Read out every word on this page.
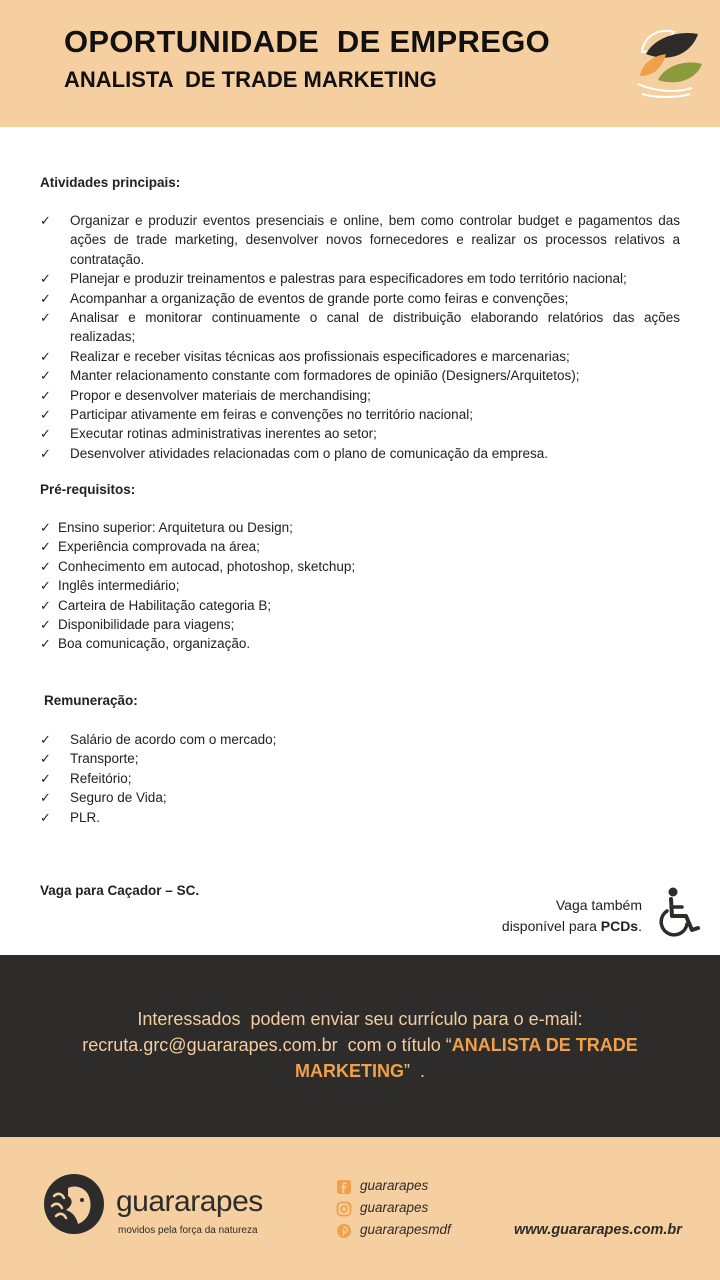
OPORTUNIDADE  DE EMPREGO
ANALISTA  DE TRADE MARKETING
Atividades principais:
✓ Organizar e produzir eventos presenciais e online, bem como controlar budget e pagamentos das ações de trade marketing, desenvolver novos fornecedores e realizar os processos relativos a contratação.
✓ Planejar e produzir treinamentos e palestras para especificadores em todo território nacional;
✓ Acompanhar a organização de eventos de grande porte como feiras e convenções;
✓ Analisar e monitorar continuamente o canal de distribuição elaborando relatórios das ações realizadas;
✓ Realizar e receber visitas técnicas aos profissionais especificadores e marcenarias;
✓ Manter relacionamento constante com formadores de opinião (Designers/Arquitetos);
✓ Propor e desenvolver materiais de merchandising;
✓ Participar ativamente em feiras e convenções no território nacional;
✓ Executar rotinas administrativas inerentes ao setor;
✓ Desenvolver atividades relacionadas com o plano de comunicação da empresa.
Pré-requisitos:
✓ Ensino superior: Arquitetura ou Design;
✓ Experiência comprovada na área;
✓ Conhecimento em autocad, photoshop, sketchup;
✓ Inglês intermediário;
✓ Carteira de Habilitação categoria B;
✓ Disponibilidade para viagens;
✓ Boa comunicação, organização.
Remuneração:
✓ Salário de acordo com o mercado;
✓ Transporte;
✓ Refeitório;
✓ Seguro de Vida;
✓ PLR.
Vaga para Caçador – SC.
Vaga também
disponível para PCDs.
Interessados  podem enviar seu currículo para o e-mail:
recruta.grc@guararapes.com.br  com o título “ANALISTA DE TRADE MARKETING”  .
guararapes
movidos pela força da natureza
guararapes
guararapes
guararapesmdf	www.guararapes.com.br
